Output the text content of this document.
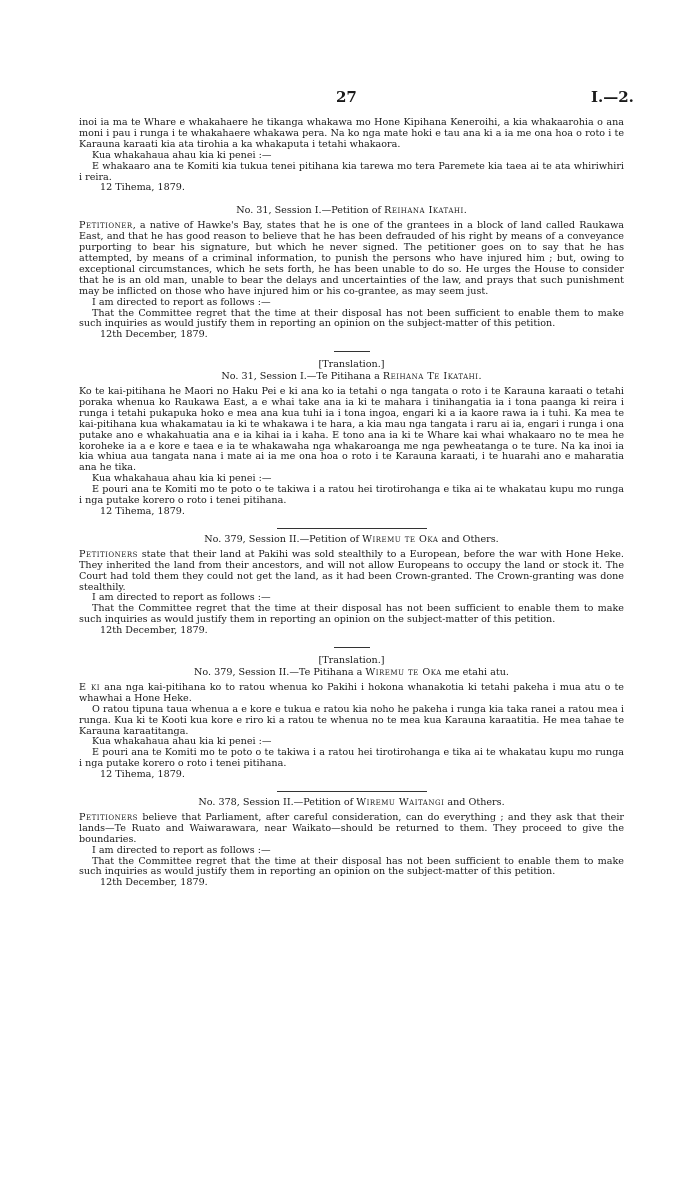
27	I.—2.

inoi ia ma te Whare e whakahaere he tikanga whakawa mo Hone Kipihana Keneroihi, a kia whakaarohia o ana moni i pau i runga i te whakahaere whakawa pera. Na ko nga mate hoki e tau ana ki a ia me ona hoa o roto i te Karauna karaati kia ata tirohia a ka whakaputa i tetahi whakaora.

Kua whakahaua ahau kia ki penei :—

E whakaaro ana te Komiti kia tukua tenei pitihana kia tarewa mo tera Paremete kia taea ai te ata whiriwhiri i reira.

12 Tihema, 1879.

No. 31, Session I.—Petition of Reihana Ikatahi.

Petitioner, a native of Hawke's Bay, states that he is one of the grantees in a block of land called Raukawa East, and that he has good reason to believe that he has been defrauded of his right by means of a conveyance purporting to bear his signature, but which he never signed. The petitioner goes on to say that he has attempted, by means of a criminal information, to punish the persons who have injured him ; but, owing to exceptional circumstances, which he sets forth, he has been unable to do so. He urges the House to consider that he is an old man, unable to bear the delays and uncertainties of the law, and prays that such punishment may be inflicted on those who have injured him or his co-grantee, as may seem just.

I am directed to report as follows :—

That the Committee regret that the time at their disposal has not been sufficient to enable them to make such inquiries as would justify them in reporting an opinion on the subject-matter of this petition.

12th December, 1879.

[Translation.]

No. 31, Session I.—Te Pitihana a Reihana Te Ikatahi.

Ko te kai-pitihana he Maori no Haku Pei e ki ana ko ia tetahi o nga tangata o roto i te Karauna karaati o tetahi poraka whenua ko Raukawa East, a e whai take ana ia ki te mahara i tinihangatia ia i tona paanga ki reira i runga i tetahi pukapuka hoko e mea ana kua tuhi ia i tona ingoa, engari ki a ia kaore rawa ia i tuhi. Ka mea te kai-pitihana kua whakamatau ia ki te whakawa i te hara, a kia mau nga tangata i raru ai ia, engari i runga i ona putake ano e whakahuatia ana e ia kihai ia i kaha. E tono ana ia ki te Whare kai whai whakaaro no te mea he koroheke ia a e kore e taea e ia te whakawaha nga whakaroanga me nga pewheatanga o te ture. Na ka inoi ia kia whiua aua tangata nana i mate ai ia me ona hoa o roto i te Karauna karaati, i te huarahi ano e maharatia ana he tika.

Kua whakahaua ahau kia ki penei :—

E pouri ana te Komiti mo te poto o te takiwa i a ratou hei tirotirohanga e tika ai te whakatau kupu mo runga i nga putake korero o roto i tenei pitihana.

12 Tihema, 1879.

No. 379, Session II.—Petition of Wiremu te Oka and Others.

Petitioners state that their land at Pakihi was sold stealthily to a European, before the war with Hone Heke. They inherited the land from their ancestors, and will not allow Europeans to occupy the land or stock it. The Court had told them they could not get the land, as it had been Crown-granted. The Crown-granting was done stealthily.

I am directed to report as follows :—

That the Committee regret that the time at their disposal has not been sufficient to enable them to make such inquiries as would justify them in reporting an opinion on the subject-matter of this petition.

12th December, 1879.

[Translation.]

No. 379, Session II.—Te Pitihana a Wiremu te Oka me etahi atu.

E ki ana nga kai-pitihana ko to ratou whenua ko Pakihi i hokona whanakotia ki tetahi pakeha i mua atu o te whawhai a Hone Heke.

O ratou tipuna taua whenua a e kore e tukua e ratou kia noho he pakeha i runga kia taka ranei a ratou mea i runga. Kua ki te Kooti kua kore e riro ki a ratou te whenua no te mea kua Karauna karaatitia. He mea tahae te Karauna karaatitanga.

Kua whakahaua ahau kia ki penei :—

E pouri ana te Komiti mo te poto o te takiwa i a ratou hei tirotirohanga e tika ai te whakatau kupu mo runga i nga putake korero o roto i tenei pitihana.

12 Tihema, 1879.

No. 378, Session II.—Petition of Wiremu Waitangi and Others.

Petitioners believe that Parliament, after careful consideration, can do everything ; and they ask that their lands—Te Ruato and Waiwarawara, near Waikato—should be returned to them. They proceed to give the boundaries.

I am directed to report as follows :—

That the Committee regret that the time at their disposal has not been sufficient to enable them to make such inquiries as would justify them in reporting an opinion on the subject-matter of this petition.

12th December, 1879.
